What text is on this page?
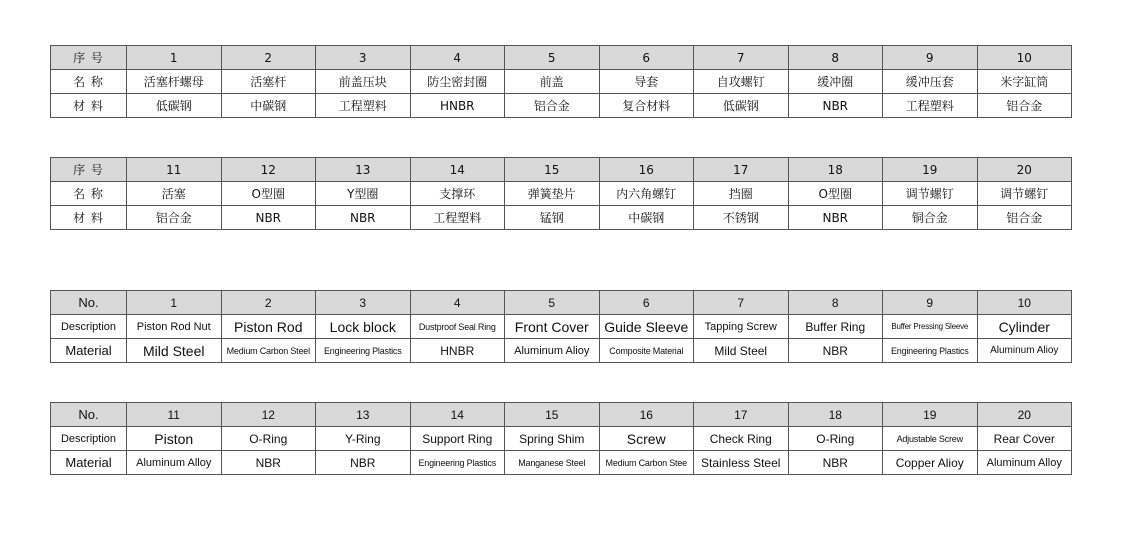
序 号	1	2	3	4	5	6	7	8	9	10
名 称	活塞杆螺母	活塞杆	前盖压块	防尘密封圈	前盖	导套	自攻螺钉	缓冲圈	缓冲压套	米字缸筒
材 料	低碳钢	中碳钢	工程塑料	HNBR	铝合金	复合材料	低碳钢	NBR	工程塑料	铝合金
序 号	11	12	13	14	15	16	17	18	19	20
名 称	活塞	O型圈	Y型圈	支撑环	弹簧垫片	内六角螺钉	挡圈	O型圈	调节螺钉	调节螺钉
材 料	铝合金	NBR	NBR	工程塑料	锰钢	中碳钢	不锈钢	NBR	铜合金	铝合金
No.	1	2	3	4	5	6	7	8	9	10
Description	Piston Rod Nut	Piston Rod	Lock block	Dustproof Seal Ring	Front Cover	Guide Sleeve	Tapping Screw	Buffer Ring	Buffer Pressing Sleeve	Cylinder
Material	Mild Steel	Medium Carbon Steel	Engineering Plastics	HNBR	Aluminum Alioy	Composite Material	Mild Steel	NBR	Engineering Plastics	Aluminum Alioy
No.	11	12	13	14	15	16	17	18	19	20
Description	Piston	O-Ring	Y-Ring	Support Ring	Spring Shim	Screw	Check Ring	O-Ring	Adjustable Screw	Rear Cover
Material	Aluminum Alloy	NBR	NBR	Engineering Plastics	Manganese Steel	Medium Carbon Stee	Stainless Steel	NBR	Copper Alioy	Aluminum Alloy
